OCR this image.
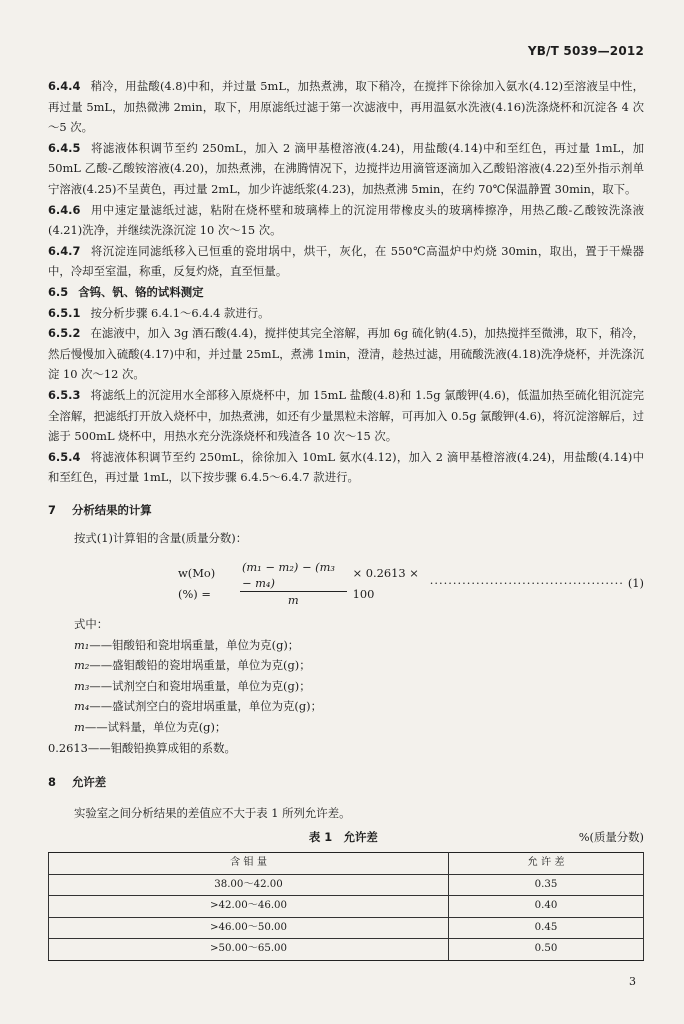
YB/T 5039—2012
6.4.4 稍冷，用盐酸(4.8)中和，并过量 5mL，加热煮沸，取下稍冷，在搅拌下徐徐加入氨水(4.12)至溶液呈中性，再过量 5mL，加热微沸 2min，取下，用原滤纸过滤于第一次滤液中，再用温氨水洗液(4.16)洗涤烧杯和沉淀各 4 次～5 次。
6.4.5 将滤液体积调节至约 250mL，加入 2 滴甲基橙溶液(4.24)，用盐酸(4.14)中和至红色，再过量 1mL，加 50mL 乙酸-乙酸铵溶液(4.20)，加热煮沸，在沸腾情况下，边搅拌边用滴管逐滴加入乙酸铅溶液(4.22)至外指示剂单宁溶液(4.25)不呈黄色，再过量 2mL，加少许滤纸浆(4.23)，加热煮沸 5min，在约 70℃保温静置 30min，取下。
6.4.6 用中速定量滤纸过滤，粘附在烧杯壁和玻璃棒上的沉淀用带橡皮头的玻璃棒擦净，用热乙酸-乙酸铵洗涤液(4.21)洗净，并继续洗涤沉淀 10 次～15 次。
6.4.7 将沉淀连同滤纸移入已恒重的瓷坩埚中，烘干，灰化，在 550℃高温炉中灼烧 30min，取出，置于干燥器中，冷却至室温，称重，反复灼烧，直至恒量。
6.5 含钨、钒、铬的试料测定
6.5.1 按分析步骤 6.4.1～6.4.4 款进行。
6.5.2 在滤液中，加入 3g 酒石酸(4.4)，搅拌使其完全溶解，再加 6g 硫化钠(4.5)，加热搅拌至微沸，取下，稍冷，然后慢慢加入硫酸(4.17)中和，并过量 25mL，煮沸 1min，澄清，趁热过滤，用硫酸洗液(4.18)洗净烧杯，并洗涤沉淀 10 次～12 次。
6.5.3 将滤纸上的沉淀用水全部移入原烧杯中，加 15mL 盐酸(4.8)和 1.5g 氯酸钾(4.6)，低温加热至硫化钼沉淀完全溶解，把滤纸打开放入烧杯中，加热煮沸，如还有少量黑粒未溶解，可再加入 0.5g 氯酸钾(4.6)，将沉淀溶解后，过滤于 500mL 烧杯中，用热水充分洗涤烧杯和残渣各 10 次～15 次。
6.5.4 将滤液体积调节至约 250mL，徐徐加入 10mL 氨水(4.12)，加入 2 滴甲基橙溶液(4.24)，用盐酸(4.14)中和至红色，再过量 1mL，以下按步骤 6.4.5～6.4.7 款进行。
7 分析结果的计算
按式(1)计算钼的含量(质量分数)：
w(Mo)(%) =	$\frac{\text{(m₁ − m₂) − (m₃ − m₄)}}{m} \times 0.2613 \times 100$
·········································· (1)
式中：
m₁——钼酸铅和瓷坩埚重量，单位为克(g)；
m₂——盛钼酸铅的瓷坩埚重量，单位为克(g)；
m₃——试剂空白和瓷坩埚重量，单位为克(g)；
m₄——盛试剂空白的瓷坩埚重量，单位为克(g)；
m——试料量，单位为克(g)；
0.2613——钼酸铅换算成钼的系数。
8 允许差
实验室之间分析结果的差值应不大于表 1 所列允许差。
表 1　允许差	%(质量分数)
含 钼 量	允 许 差
38.00～42.00	0.35
>42.00～46.00	0.40
>46.00～50.00	0.45
>50.00～65.00	0.50
3
